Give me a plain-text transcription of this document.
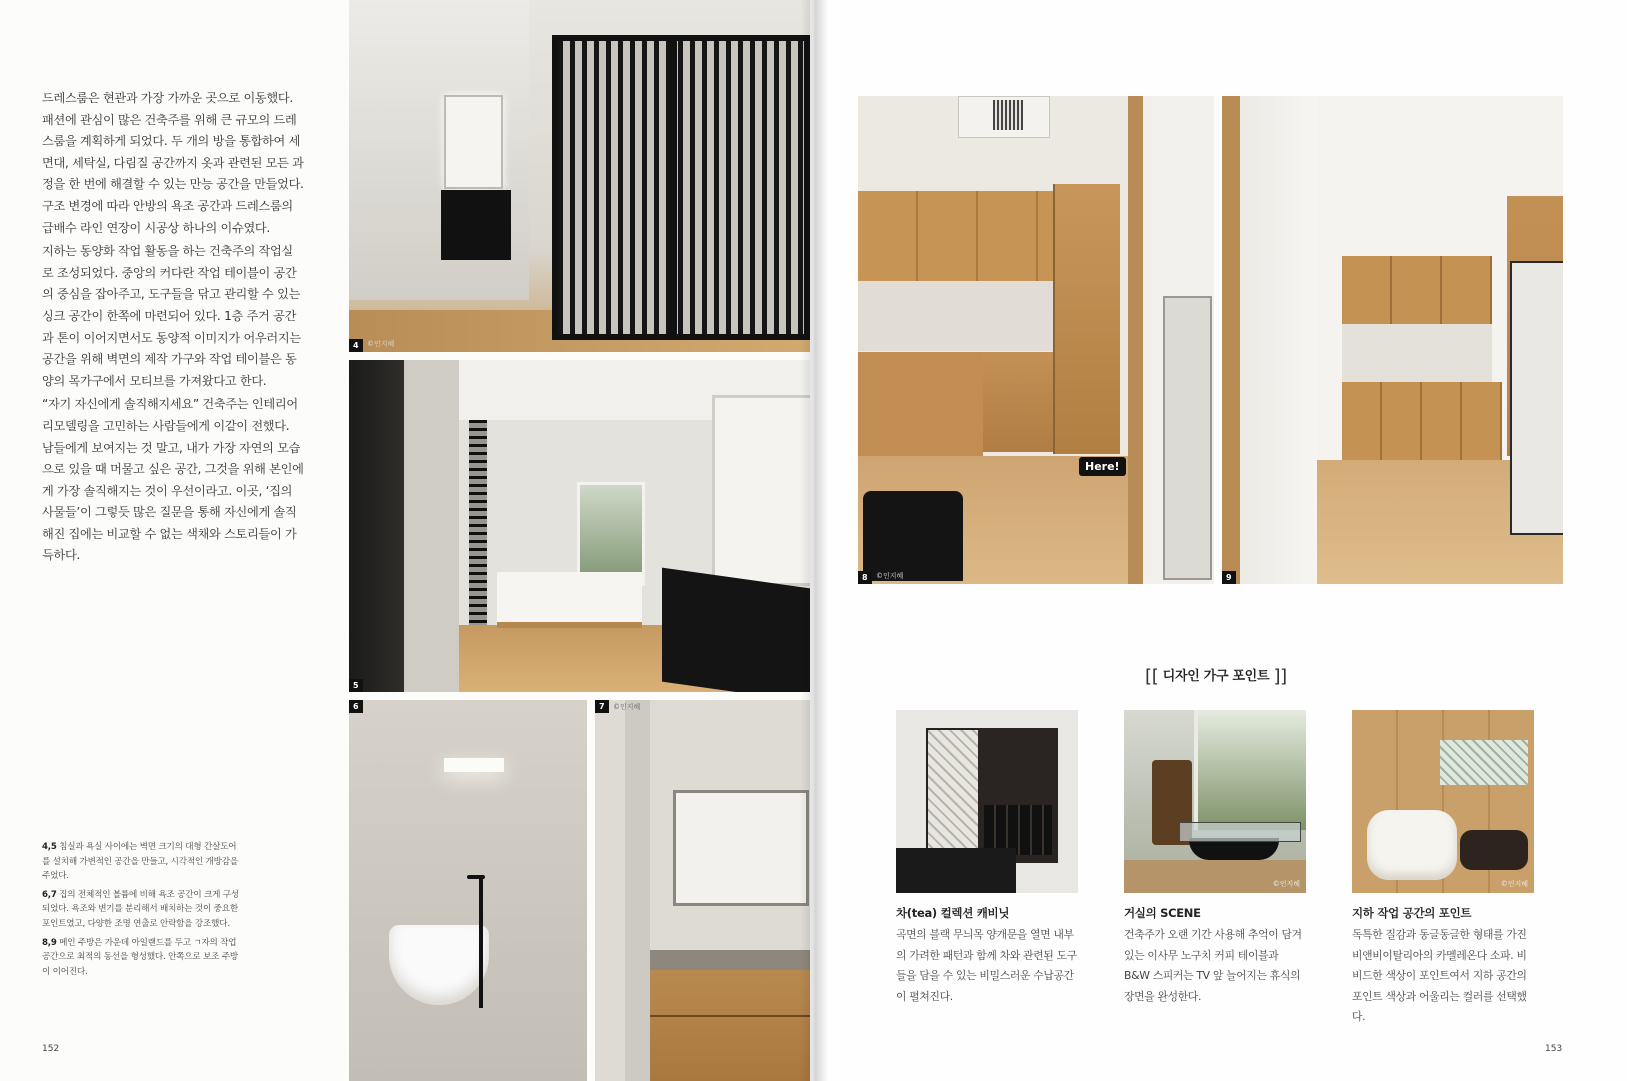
드레스룸은 현관과 가장 가까운 곳으로 이동했다. 패션에 관심이 많은 건축주를 위해 큰 규모의 드레스룸을 계획하게 되었다. 두 개의 방을 통합하여 세면대, 세탁실, 다림질 공간까지 옷과 관련된 모든 과정을 한 번에 해결할 수 있는 만능 공간을 만들었다. 구조 변경에 따라 안방의 욕조 공간과 드레스룸의 급배수 라인 연장이 시공상 하나의 이슈였다.

지하는 동양화 작업 활동을 하는 건축주의 작업실로 조성되었다. 중앙의 커다란 작업 테이블이 공간의 중심을 잡아주고, 도구들을 닦고 관리할 수 있는 싱크 공간이 한쪽에 마련되어 있다. 1층 주거 공간과 톤이 이어지면서도 동양적 이미지가 어우러지는 공간을 위해 벽면의 제작 가구와 작업 테이블은 동양의 목가구에서 모티브를 가져왔다고 한다.

“자기 자신에게 솔직해지세요” 건축주는 인테리어 리모델링을 고민하는 사람들에게 이같이 전했다. 남들에게 보여지는 것 말고, 내가 가장 자연의 모습으로 있을 때 머물고 싶은 공간, 그것을 위해 본인에게 가장 솔직해지는 것이 우선이라고. 이곳, ‘집의 사물들’이 그렇듯 많은 질문을 통해 자신에게 솔직해진 집에는 비교할 수 없는 색채와 스토리들이 가득하다.

4,5 침실과 욕실 사이에는 벽면 크기의 대형 간살도어를 설치해 가변적인 공간을 만들고, 시각적인 개방감을 주었다.

6,7 집의 전체적인 볼륨에 비해 욕조 공간이 크게 구성되었다. 욕조와 변기를 분리해서 배치하는 것이 중요한 포인트였고, 다양한 조명 연출로 안락함을 강조했다.

8,9 메인 주방은 가운데 아일랜드를 두고 ㄱ자의 작업 공간으로 최적의 동선을 형성했다. 안쪽으로 보조 주방이 이어진다.

152
4	©인지혜
5
6	7	©인지혜
Here!
8	©인지혜	9
[[ 디자인 가구 포인트 ]]
차(tea) 컬렉션 캐비닛

곡면의 블랙 무늬목 양개문을 열면 내부의 가려한 패턴과 함께 차와 관련된 도구들을 담을 수 있는 비밀스러운 수납공간이 펼쳐진다.

©인지혜
거실의 SCENE

건축주가 오랜 기간 사용해 추억이 담겨 있는 이사무 노구치 커피 테이블과 B&W 스피커는 TV 앞 늘어지는 휴식의 장면을 완성한다.

©인지혜
지하 작업 공간의 포인트

독특한 질감과 동글동글한 형태를 가진 비앤비이탈리아의 카멜레온다 소파. 비비드한 색상이 포인트여서 지하 공간의 포인트 색상과 어울리는 컬러를 선택했다.

153
